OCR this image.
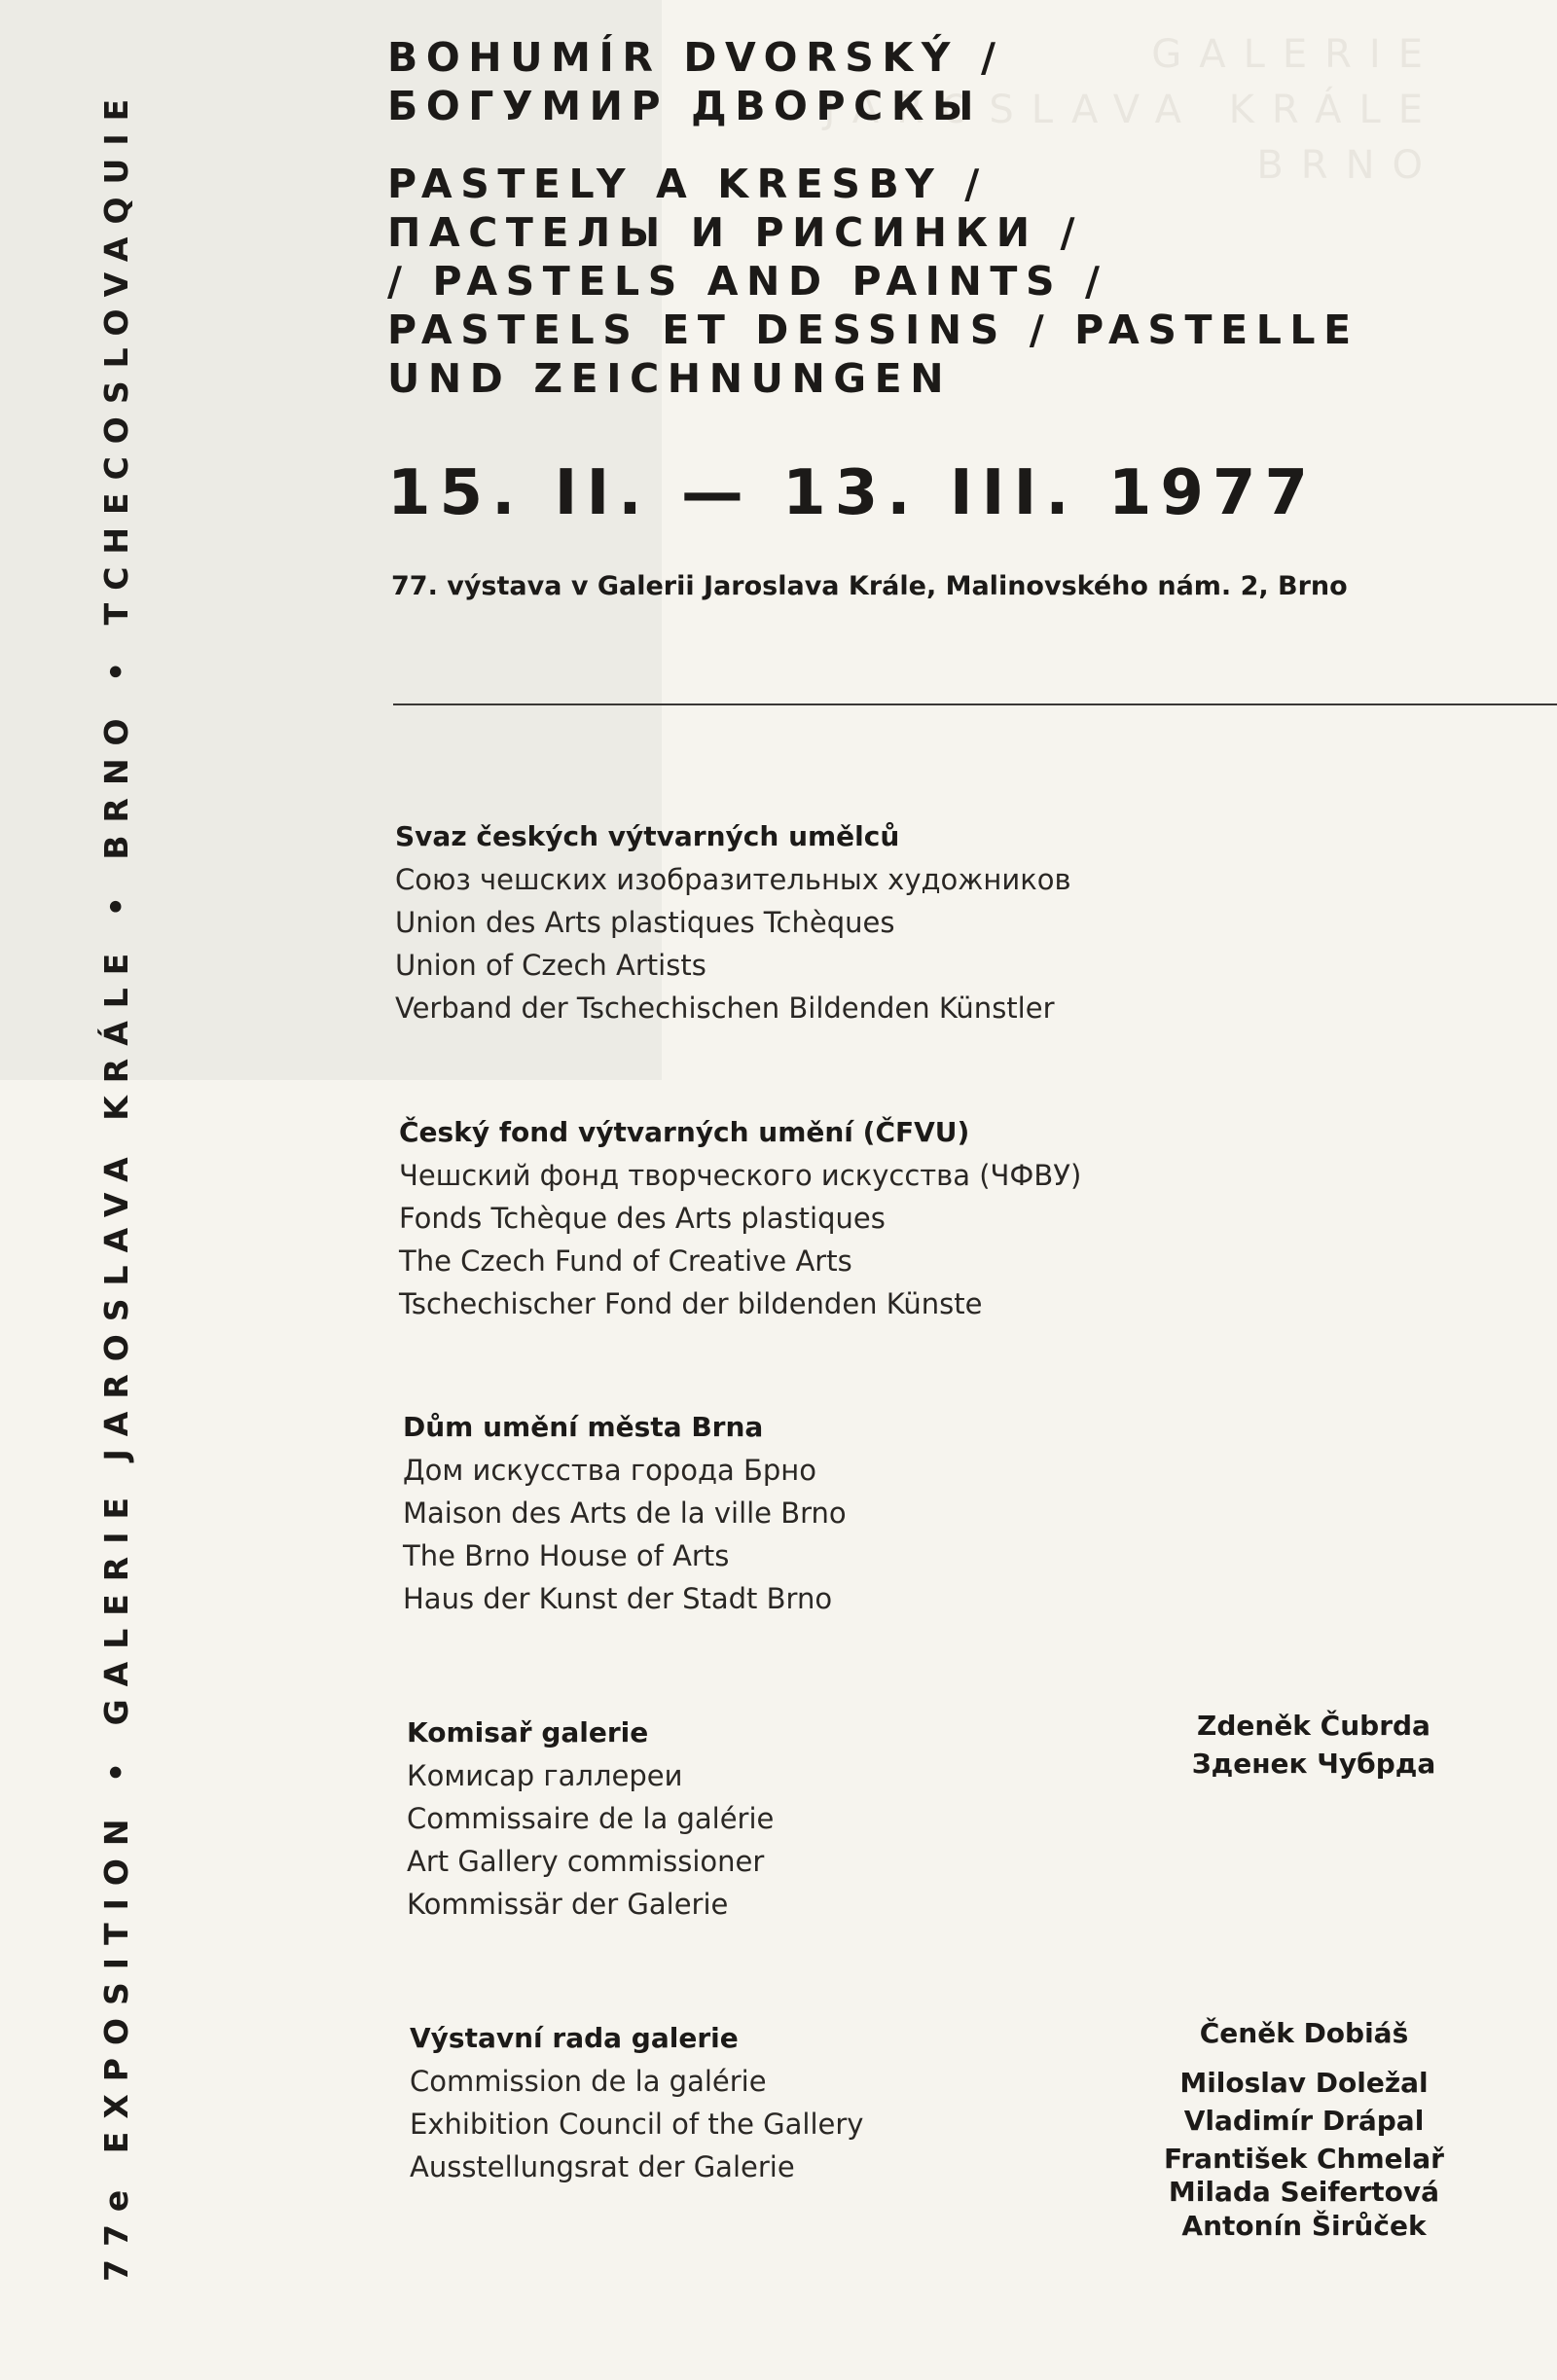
77e EXPOSITION • GALERIE JAROSLAVA KRÁLE • BRNO • TCHECOSLOVAQUIE
GALERIE
JAROSLAVA KRÁLE
BRNO
BOHUMÍR DVORSKÝ /
БОГУМИР ДВОРСКЫ
PASTELY A KRESBY /
ПАСТЕЛЫ И РИСИНКИ /
/ PASTELS AND PAINTS /
PASTELS ET DESSINS / PASTELLE
UND ZEICHNUNGEN
15. II. — 13. III. 1977
77. výstava v Galerii Jaroslava Krále, Malinovského nám. 2, Brno
Svaz českých výtvarných umělců
Союз чешских изобразительных художников
Union des Arts plastiques Tchèques
Union of Czech Artists
Verband der Tschechischen Bildenden Künstler
Český fond výtvarných umění (ČFVU)
Чешский фонд творческого искусства (ЧФВУ)
Fonds Tchèque des Arts plastiques
The Czech Fund of Creative Arts
Tschechischer Fond der bildenden Künste
Dům umění města Brna
Дом искусства города Брно
Maison des Arts de la ville Brno
The Brno House of Arts
Haus der Kunst der Stadt Brno
Komisař galerie
Комисар галлереи
Commissaire de la galérie
Art Gallery commissioner
Kommissär der Galerie
Výstavní rada galerie
Commission de la galérie
Exhibition Council of the Gallery
Ausstellungsrat der Galerie
Zdeněk Čubrda
Зденек Чубрда
Čeněk Dobiáš
Miloslav Doležal
Vladimír Drápal
František Chmelař
Milada Seifertová
Antonín Širůček
